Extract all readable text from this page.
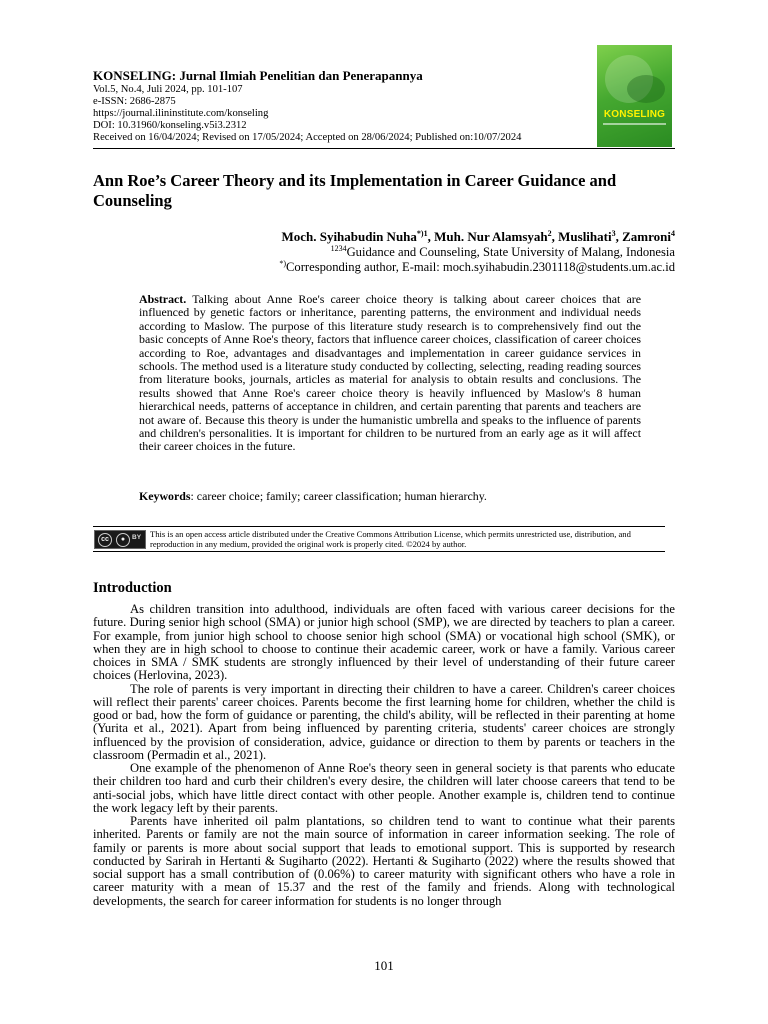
KONSELING: Jurnal Ilmiah Penelitian dan Penerapannya
Vol.5, No.4, Juli 2024, pp. 101-107
e-ISSN: 2686-2875
https://journal.ilininstitute.com/konseling
DOI: 10.31960/konseling.v5i3.2312
Received on 16/04/2024; Revised on 17/05/2024; Accepted on 28/06/2024; Published on:10/07/2024
KONSELING
Ann Roe’s Career Theory and its Implementation in Career Guidance and Counseling
Moch. Syihabudin Nuha$^{*)1}$, Muh. Nur Alamsyah$^2$, Muslihati$^3$, Zamroni$^4$
$^{1234}$Guidance and Counseling, State University of Malang, Indonesia
*)Corresponding author, E-mail: moch.syihabudin.2301118@students.um.ac.id
Abstract. Talking about Anne Roe's career choice theory is talking about career choices that are influenced by genetic factors or inheritance, parenting patterns, the environment and individual needs according to Maslow. The purpose of this literature study research is to comprehensively find out the basic concepts of Anne Roe's theory, factors that influence career choices, classification of career choices according to Roe, advantages and disadvantages and implementation in career guidance services in schools. The method used is a literature study conducted by collecting, selecting, reading reading sources from literature books, journals, articles as material for analysis to obtain results and conclusions. The results showed that Anne Roe's career choice theory is heavily influenced by Maslow's 8 human hierarchical needs, patterns of acceptance in children, and certain parenting that parents and teachers are not aware of. Because this theory is under the humanistic umbrella and speaks to the influence of parents and children's personalities. It is important for children to be nurtured from an early age as it will affect their career choices in the future.
Keywords: career choice; family; career classification; human hierarchy.
cc	●	BY This is an open access article distributed under the Creative Commons Attribution License, which permits unrestricted use, distribution, and reproduction in any medium, provided the original work is properly cited. ©2024 by author.
Introduction

As children transition into adulthood, individuals are often faced with various career decisions for the future. During senior high school (SMA) or junior high school (SMP), we are directed by teachers to plan a career. For example, from junior high school to choose senior high school (SMA) or vocational high school (SMK), or when they are in high school to choose to continue their academic career, work or have a family. Various career choices in SMA / SMK students are strongly influenced by their level of understanding of their future career choices (Herlovina, 2023).

The role of parents is very important in directing their children to have a career. Children's career choices will reflect their parents' career choices. Parents become the first learning home for children, whether the child is good or bad, how the form of guidance or parenting, the child's ability, will be reflected in their parenting at home (Yurita et al., 2021). Apart from being influenced by parenting criteria, students' career choices are strongly influenced by the provision of consideration, advice, guidance or direction to them by parents or teachers in the classroom (Permadin et al., 2021).

One example of the phenomenon of Anne Roe's theory seen in general society is that parents who educate their children too hard and curb their children's every desire, the children will later choose careers that tend to be anti-social jobs, which have little direct contact with other people. Another example is, children tend to continue the work legacy left by their parents.

Parents have inherited oil palm plantations, so children tend to want to continue what their parents inherited. Parents or family are not the main source of information in career information seeking. The role of family or parents is more about social support that leads to emotional support. This is supported by research conducted by Sarirah in Hertanti & Sugiharto (2022). Hertanti & Sugiharto (2022) where the results showed that social support has a small contribution of (0.06%) to career maturity with significant others who have a role in career maturity with a mean of 15.37 and the rest of the family and friends. Along with technological developments, the search for career information for students is no longer through

101
